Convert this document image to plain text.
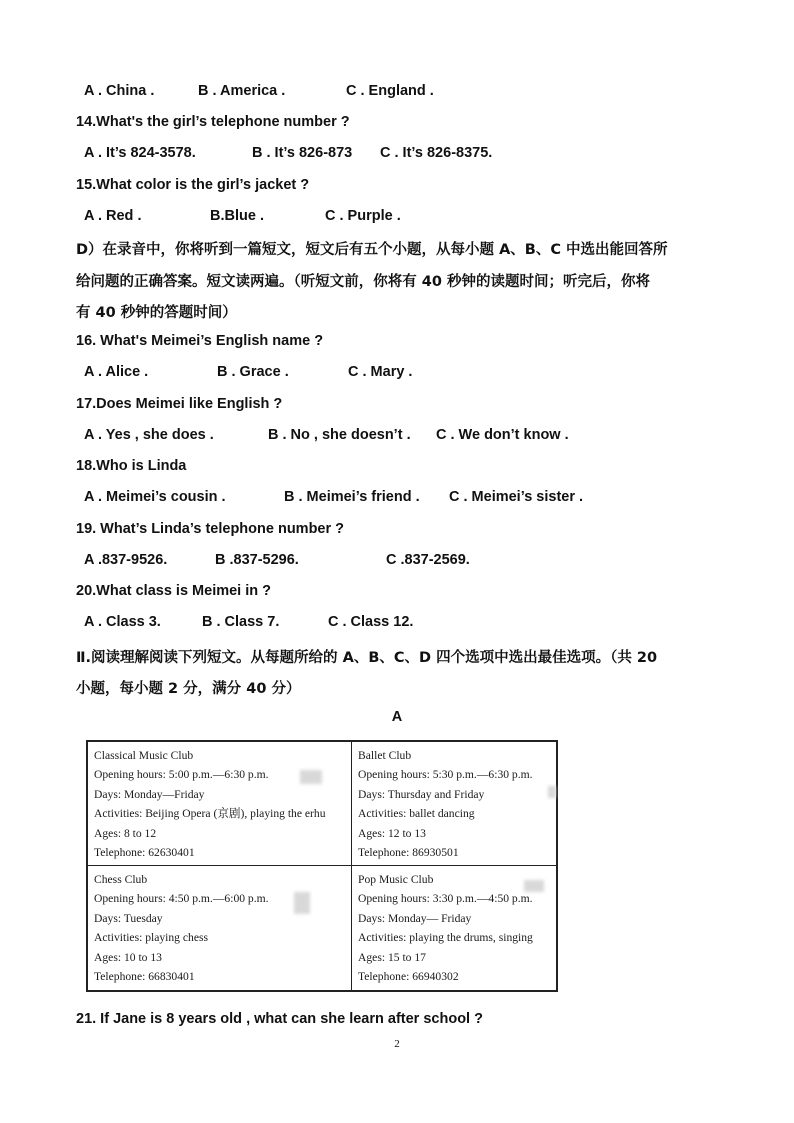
A . China .	B . America .	C . England .
14.What's the girl’s telephone number ?
A . It’s 824-3578.	B . It’s 826-873 C . It’s 826-8375.
15.What color is the girl’s jacket ?
A . Red .	B.Blue .	C . Purple .
D）在录音中，你将听到一篇短文，短文后有五个小题，从每小题 A、B、C 中选出能回答所
给问题的正确答案。短文读两遍。（听短文前，你将有 40 秒钟的读题时间；听完后，你将
有 40 秒钟的答题时间）
16. What's Meimei’s English name ?
A . Alice .	B . Grace .	C . Mary .
17.Does Meimei like English ?
A . Yes , she does .	B . No , she doesn’t . C . We don’t know .
18.Who is Linda
A . Meimei’s cousin .	B . Meimei’s friend . C . Meimei’s sister .
19. What’s Linda’s telephone number ?
A .837-9526.	B .837-5296.	C .837-2569.
20.What class is Meimei in ?
A . Class 3.	B . Class 7.	C . Class 12.
Ⅱ.阅读理解阅读下列短文。从每题所给的 A、B、C、D 四个选项中选出最佳选项。（共 20
小题，每小题 2 分，满分 40 分）
A
Classical Music Club
Opening hours: 5:00 p.m.—6:30 p.m.
Days: Monday—Friday
Activities: Beijing Opera (京剧), playing the erhu
Ages: 8 to 12
Telephone: 62630401
Ballet Club
Opening hours: 5:30 p.m.—6:30 p.m.
Days: Thursday and Friday
Activities: ballet dancing
Ages: 12 to 13
Telephone: 86930501
Chess Club
Opening hours: 4:50 p.m.—6:00 p.m.
Days: Tuesday
Activities: playing chess
Ages: 10 to 13
Telephone: 66830401
Pop Music Club
Opening hours: 3:30 p.m.—4:50 p.m.
Days: Monday— Friday
Activities: playing the drums, singing
Ages: 15 to 17
Telephone: 66940302
21. If Jane is 8 years old , what can she learn after school ?
2
